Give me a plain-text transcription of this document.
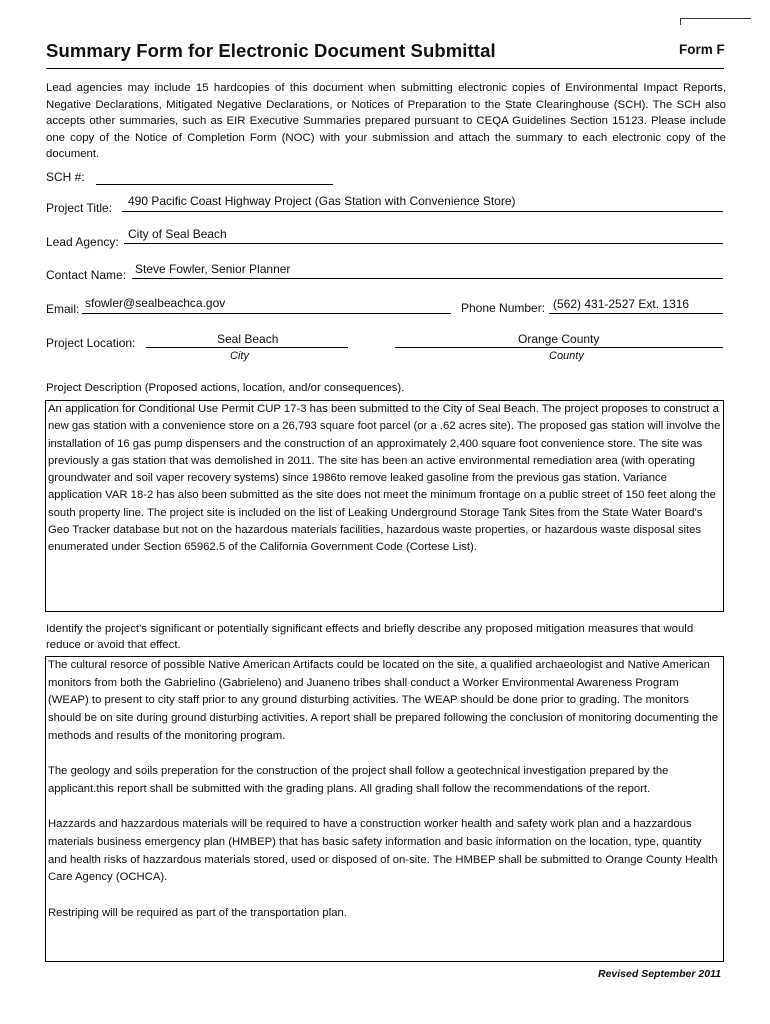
Summary Form for Electronic Document Submittal	Form F
Lead agencies may include 15 hardcopies of this document when submitting electronic copies of Environmental Impact Reports, Negative Declarations, Mitigated Negative Declarations, or Notices of Preparation to the State Clearinghouse (SCH). The SCH also accepts other summaries, such as EIR Executive Summaries prepared pursuant to CEQA Guidelines Section 15123. Please include one copy of the Notice of Completion Form (NOC) with your submission and attach the summary to each electronic copy of the document.
SCH #:
Project Title: 490 Pacific Coast Highway Project (Gas Station with Convenience Store)
Lead Agency:
City of Seal Beach
Contact Name: Steve Fowler, Senior Planner
Email: sfowler@sealbeachca.gov	Phone Number: (562) 431-2527 Ext. 1316
Project Location:	Seal Beach
City
Orange County
County
Project Description (Proposed actions, location, and/or consequences).

An application for Conditional Use Permit CUP 17-3 has been submitted to the City of Seal Beach. The project proposes to construct a new gas station with a convenience store on a 26,793 square foot parcel (or a .62 acres site). The proposed gas station will involve the installation of 16 gas pump dispensers and the construction of an approximately 2,400 square foot convenience store. The site was previously a gas station that was demolished in 2011. The site has been an active environmental remediation area (with operating groundwater and soil vaper recovery systems) since 1986to remove leaked gasoline from the previous gas station. Variance application VAR 18-2 has also been submitted as the site does not meet the minimum frontage on a public street of 150 feet along the south property line. The project site is included on the list of Leaking Underground Storage Tank Sites from the State Water Board's Geo Tracker database but not on the hazardous materials facilities, hazardous waste properties, or hazardous waste disposal sites enumerated under Section 65962.5 of the California Government Code (Cortese List).

Identify the project's significant or potentially significant effects and briefly describe any proposed mitigation measures that would reduce or avoid that effect.

The cultural resorce of possible Native American Artifacts could be located on the site, a qualified archaeologist and Native American monitors from both the Gabrielino (Gabrieleno) and Juaneno tribes shall conduct a Worker Environmental Awareness Program (WEAP) to present to city staff prior to any ground disturbing activities. The WEAP should be done prior to grading. The monitors should be on site during ground disturbing activities. A report shall be prepared following the conclusion of monitoring documenting the methods and results of the monitoring program.

The geology and soils preperation for the construction of the project shall follow a geotechnical investigation prepared by the applicant.this report shall be submitted with the grading plans. All grading shall follow the recommendations of the report.

Hazzards and hazzardous materials will be required to have a construction worker health and safety work plan and a hazzardous materials business emergency plan (HMBEP) that has basic safety information and basic information on the location, type, quantity and health risks of hazzardous materials stored, used or disposed of on-site. The HMBEP shall be submitted to Orange County Health Care Agency (OCHCA).

Restriping will be required as part of the transportation plan.

Revised September 2011
